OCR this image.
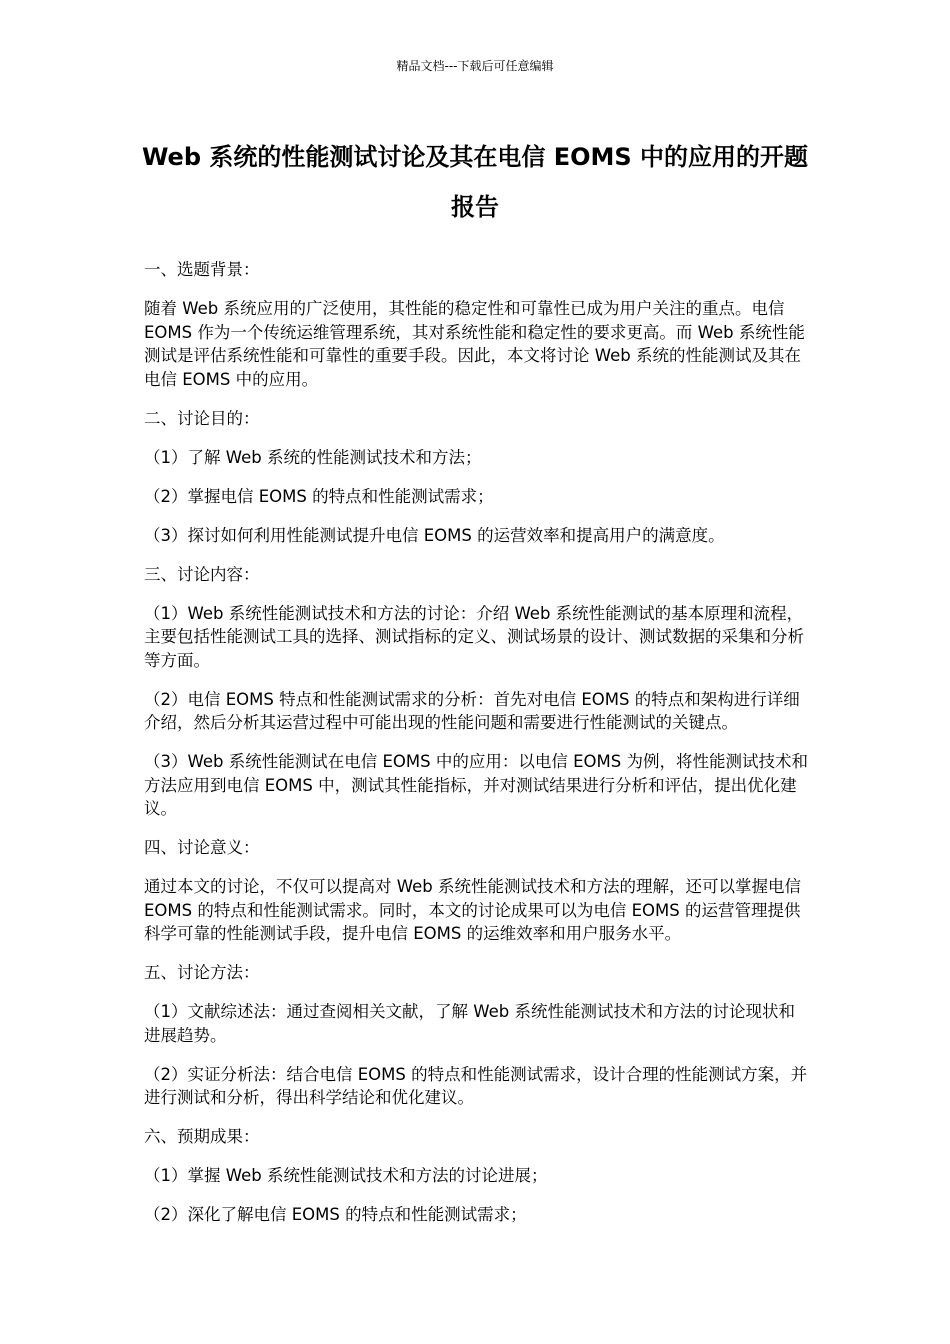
精品文档---下载后可任意编辑
Web 系统的性能测试讨论及其在电信 EOMS 中的应用的开题报告

一、选题背景：

随着 Web 系统应用的广泛使用，其性能的稳定性和可靠性已成为用户关注的重点。电信 EOMS 作为一个传统运维管理系统，其对系统性能和稳定性的要求更高。而 Web 系统性能测试是评估系统性能和可靠性的重要手段。因此，本文将讨论 Web 系统的性能测试及其在电信 EOMS 中的应用。

二、讨论目的：

（1）了解 Web 系统的性能测试技术和方法；

（2）掌握电信 EOMS 的特点和性能测试需求；

（3）探讨如何利用性能测试提升电信 EOMS 的运营效率和提高用户的满意度。

三、讨论内容：

（1）Web 系统性能测试技术和方法的讨论：介绍 Web 系统性能测试的基本原理和流程，主要包括性能测试工具的选择、测试指标的定义、测试场景的设计、测试数据的采集和分析等方面。

（2）电信 EOMS 特点和性能测试需求的分析：首先对电信 EOMS 的特点和架构进行详细介绍，然后分析其运营过程中可能出现的性能问题和需要进行性能测试的关键点。

（3）Web 系统性能测试在电信 EOMS 中的应用：以电信 EOMS 为例，将性能测试技术和方法应用到电信 EOMS 中，测试其性能指标，并对测试结果进行分析和评估，提出优化建议。

四、讨论意义：

通过本文的讨论，不仅可以提高对 Web 系统性能测试技术和方法的理解，还可以掌握电信 EOMS 的特点和性能测试需求。同时，本文的讨论成果可以为电信 EOMS 的运营管理提供科学可靠的性能测试手段，提升电信 EOMS 的运维效率和用户服务水平。

五、讨论方法：

（1）文献综述法：通过查阅相关文献，了解 Web 系统性能测试技术和方法的讨论现状和进展趋势。

（2）实证分析法：结合电信 EOMS 的特点和性能测试需求，设计合理的性能测试方案，并进行测试和分析，得出科学结论和优化建议。

六、预期成果：

（1）掌握 Web 系统性能测试技术和方法的讨论进展；

（2）深化了解电信 EOMS 的特点和性能测试需求；
